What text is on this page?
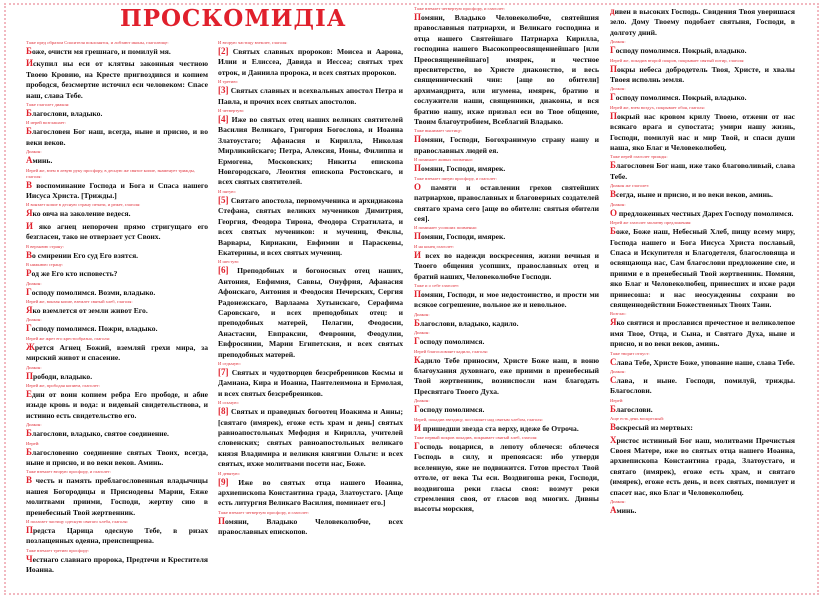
ПРОСКОМИДІА
Таже пред образом Спасителя поклонятся, и лобзают иконы, глаголюще:
Боже, очисти мя грешнаго, и помилуй мя.
Искупил ны еси от клятвы законныя честною Твоею Кровию, на Кресте пригвоздився и копием прободся, безсмертие источил еси человеком: Спасе наш, слава Тебе.
Таже глаголет диакон:
Благослови, владыко.
И иерей возглашает:
Благословен Бог наш, всегда, ныне и присно, и во веки веков.
Диакон:
Аминь.
Иерей же, взем в левую руку просфору, в десную же святое копие, знаменует трижды, глаголя:
В воспоминание Господа и Бога и Спаса нашего Иисуса Христа. [Трижды.]
И вонзает копие в десную страну печати, и режет, глаголя:
Яко овча на заколение ведеся.
И яко агнец непорочен прямо стригущаго его безгласен, тако не отверзает уст Своих.
В верхнюю страну:
Во смирении Его суд Его взятся.
В нижнюю страну:
Род же Его кто исповесть?
Диакон:
Господу помолимся. Возми, владыко.
Иерей же, вонзая копие, вземлет святый хлеб, глаголя:
Яко вземлется от земли живот Его.
Диакон:
Господу помолимся. Пожри, владыко.
Иерей же жрет его крестообразно, глаголя:
Жрется Агнец Божий, вземляй грехи мира, за мирский живот и спасение.
Диакон:
Прободи, владыко.
Иерей же, прободая копием, глаголет:
Един от воин копием ребра Его прободе, и абие изыде кровь и вода: и видевый свидетельствова, и истинно есть свидетельство его.
Диакон:
Благослови, владыко, святое соединение.
Иерей:
Благословенно соединение святых Твоих, всегда, ныне и присно, и во веки веков. Аминь.
Таже вземлет вторую просфору, и глаголет:
В честь и память преблагословенныя владычицы нашея Богородицы и Приснодевы Марии, Еяже молитвами приими, Господи, жертву сию в пренебесный Твой жертвенник.
И полагает частицу одесную святаго хлеба, глаголя:
Предста Царица одесную Тебе, в ризах позлащенных одеяна, преиспещрена.
Таже вземлет третию просфору:
Честнаго славнаго пророка, Предтечи и Крестителя Иоанна.
И вторую частицу вземлет, глаголя:
[2] Святых славных пророков: Моисеа и Аарона, Илии и Елиссеа, Давида и Иессеа; святых трех отрок, и Даниила пророка, и всех святых пророков.
И третию:
[3] Святых славных и всехвальных апостол Петра и Павла, и прочих всех святых апостолов.
И четвертую:
[4] Иже во святых отец наших великих святителей Василия Великаго, Григория Богослова, и Иоанна Златоустаго; Афанасия и Кирилла, Николая Мирликийскаго; Петра, Алексия, Ионы, Филиппа и Ермогена, Московских; Никиты епископа Новгородскаго, Леонтия епископа Ростовскаго, и всех святых святителей.
И пятую:
[5] Святаго апостола, первомученика и архидиакона Стефана, святых великих мучеников Димитрия, Георгия, Феодора Тирона, Феодора Стратилата, и всех святых мучеников: и мучениц, Феклы, Варвары, Кириакии, Евфимии и Параскевы, Екатерины, и всех святых мучениц.
И шестую:
[6] Преподобных и богоносных отец наших, Антония, Евфимия, Саввы, Онуфрия, Афанасия Афонскаго, Антония и Феодосия Печерских, Сергия Радонежскаго, Варлаама Хутынскаго, Серафима Саровскаго, и всех преподобных отец: и преподобных матерей, Пелагии, Феодосии, Анастасии, Евпраксии, Февронии, Феодулии, Евфросинии, Марии Египетския, и всех святых преподобных матерей.
И седьмую:
[7] Святых и чудотворцев безсребреников Космы и Дамиана, Кира и Иоанна, Пантелеимона и Ермолая, и всех святых безсребреников.
И осьмую:
[8] Святых и праведных богоотец Иоакима и Анны; [святаго (имярек), егоже есть храм и день] святых равноапостольных Мефодия и Кирилла, учителей словенских; святых равноапостольных великаго князя Владимира и великия княгини Ольги: и всех святых, ихже молитвами посети нас, Боже.
И девятую:
[9] Иже во святых отца нашего Иоанна, архиепископа Константина града, Златоустаго. [Аще есть литургия Великаго Василия, поминает его.]
Таже вземлет четвертую просфору, и глаголет:
Помяни, Владыко Человеколюбче, всех православных епископов.
Таже вземлет четвертую просфору, и глаголет:
Помяни, Владыко Человеколюбче, святейшия православныя патриархи, и Великаго господина и отца нашего Святейшаго Патриарха Кирилла, господина нашего Высокопреосвященнейшаго [или Преосвященнейшаго] имярек, и честное пресвитерство, во Христе диаконство, и весь священнический чин: [аще во обители] архимандрита, или игумена, имярек, братию и сослужители наши, священники, диаконы, и вся братию нашу, ихже призвал еси во Твое общение, Твоим благоутробием, Всеблагий Владыко.
Таже вынимает частицу:
Помяни, Господи, Богохранимую страну нашу и православных людей ея.
И поминает живых поименно:
Помяни, Господи, имярек.
Таже вземлет пятую просфору, и глаголет:
О памяти и оставлении грехов святейших патриархов, православных и благоверных создателей святаго храма сего [аще во обители: святыя обители сея].
И поминает усопших поименно:
Помяни, Господи, имярек.
И на конец глаголет:
И всех во надежди воскресения, жизни вечныя и Твоего общения усопших, православных отец и братий наших, Человеколюбче Господи.
Таже и о себе глаголет:
Помяни, Господи, и мое недостоинство, и прости ми всякое согрешение, вольное же и невольное.
Диакон:
Благослови, владыко, кадило.
Диакон:
Господу помолимся.
Иерей благословляет кадило, глаголя:
Кадило Тебе приносим, Христе Боже наш, в воню благоухания духовнаго, еже приими в пренебесный Твой жертвенник, возниспосли нам благодать Пресвятаго Твоего Духа.
Диакон:
Господу помолимся.
Иерей, покадив звездицу, поставляет над святым хлебом, глаголя:
И пришедши звезда ста верху, идеже бе Отроча.
Таже первый покров покадив, покрывает святый хлеб, глаголя:
Господь воцарися, в лепоту облечеся: облечеся Господь в силу, и препоясася: ибо утверди вселенную, яже не подвижится. Готов престол Твой оттоле, от века Ты еси. Воздвигоша реки, Господи, воздвигоша реки гласы своя: возмут реки стремления своя, от гласов вод многих. Дивны высоты морския,
дивен в высоких Господь. Свидения Твоя уверишася зело. Дому Твоему подобает святыня, Господи, в долготу дний.
Диакон:
Господу помолимся. Покрый, владыко.
Иерей же, покадив второй покров, покрывает святый потир, глаголя:
Покры небеса добродетель Твоя, Христе, и хвалы Твоея исполнь земля.
Диакон:
Господу помолимся. Покрый, владыко.
Иерей же, взем воздух, покрывает обоя, глаголя:
Покрый нас кровом крилу Твоею, отжени от нас всякаго врага и супостата; умири нашу жизнь, Господи, помилуй нас и мир Твой, и спаси души наша, яко Благ и Человеколюбец.
Таже иерей глаголет трижды:
Благословен Бог наш, иже тако благоволивый, слава Тебе.
Диакон же глаголет:
Всегда, ныне и присно, и во веки веков, аминь.
Диакон:
О предложенных честных Дарех Господу помолимся.
Иерей же глаголет молитву предложения:
Боже, Боже наш, Небесный Хлеб, пищу всему миру, Господа нашего и Бога Иисуса Христа пославый, Спаса и Искупителя и Благодетеля, благословяща и освящающа нас, Сам благослови предложение сие, и приими е в пренебесный Твой жертвенник. Помяни, яко Благ и Человеколюбец, принесших и ихже ради принесоша: и нас неосужденны сохрани во священнодействии Божественных Твоих Таин.
Возглас:
Яко святися и прославися пречестное и великолепое имя Твое, Отца, и Сына, и Святаго Духа, ныне и присно, и во веки веков, аминь.
Таже творит отпуст:
Слава Тебе, Христе Боже, упование наше, слава Тебе.
Диакон:
Слава, и ныне. Господи, помилуй, трижды. Благослови.
Иерей:
Благослови.
Аще есть день воскресный:
Воскресый из мертвых:
Христос истинный Бог наш, молитвами Пречистыя Своея Матере, иже во святых отца нашего Иоанна, архиепископа Константина града, Златоустаго, и святаго (имярек), егоже есть храм, и святаго (имярек), егоже есть день, и всех святых, помилует и спасет нас, яко Благ и Человеколюбец.
Диакон:
Аминь.
